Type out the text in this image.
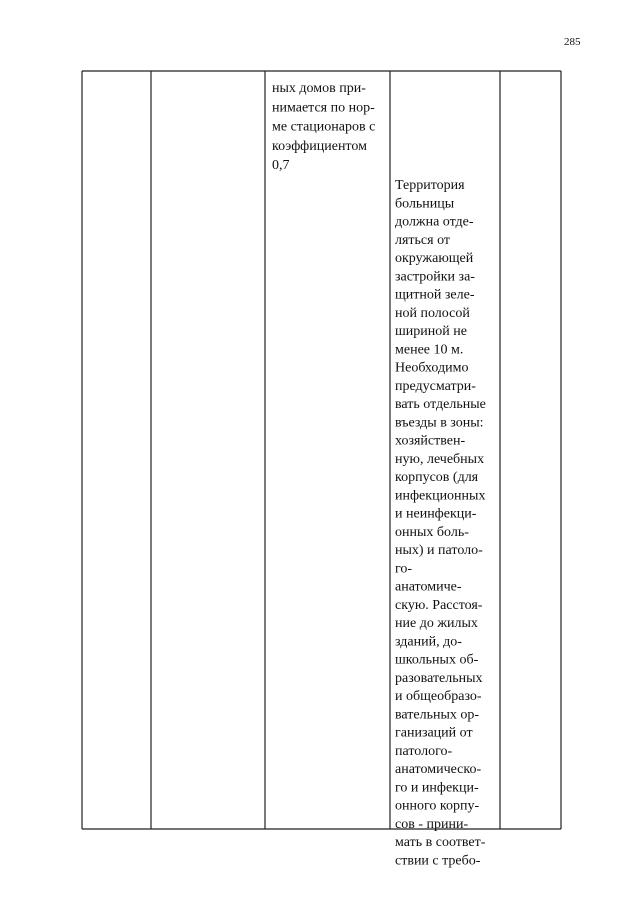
285
ных домов при-
нимается по нор-
ме стационаров с
коэффициентом
0,7
Территория
больницы
должна отде-
ляться от
окружающей
застройки за-
щитной зеле-
ной полосой
шириной не
менее 10 м.
Необходимо
предусматри-
вать отдельные
въезды в зоны:
хозяйствен-
ную, лечебных
корпусов (для
инфекционных
и неинфекци-
онных боль-
ных) и патоло-
го-
анатомиче-
скую. Расстоя-
ние до жилых
зданий, до-
школьных об-
разовательных
и общеобразо-
вательных ор-
ганизаций от
патолого-
анатомическо-
го и инфекци-
онного корпу-
сов - прини-
мать в соответ-
ствии с требо-
